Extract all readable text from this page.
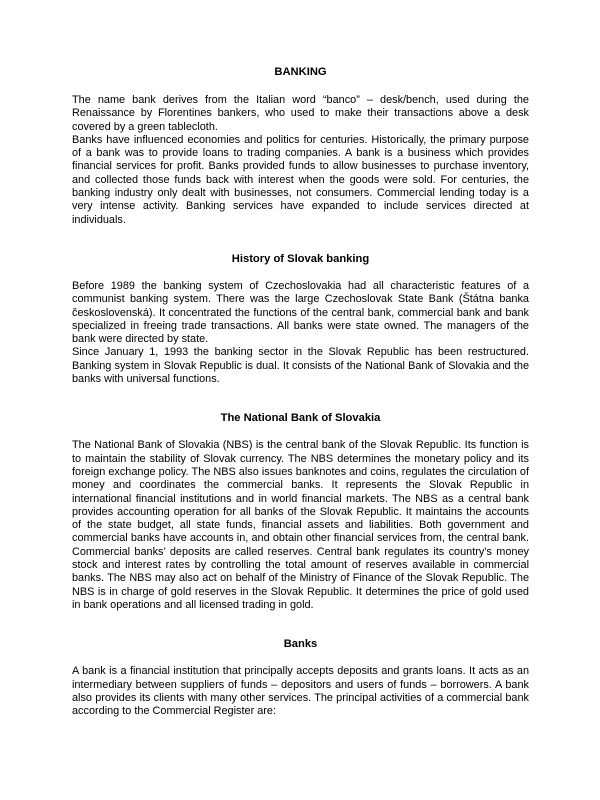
BANKING

The name bank derives from the Italian word “banco” – desk/bench, used during the Renaissance by Florentines bankers, who used to make their transactions above a desk covered by a green tablecloth.

Banks have influenced economies and politics for centuries. Historically, the primary purpose of a bank was to provide loans to trading companies. A bank is a business which provides financial services for profit. Banks provided funds to allow businesses to purchase inventory, and collected those funds back with interest when the goods were sold. For centuries, the banking industry only dealt with businesses, not consumers. Commercial lending today is a very intense activity. Banking services have expanded to include services directed at individuals.

History of Slovak banking

Before 1989 the banking system of Czechoslovakia had all characteristic features of a communist banking system. There was the large Czechoslovak State Bank (Štátna banka československá). It concentrated the functions of the central bank, commercial bank and bank specialized in freeing trade transactions. All banks were state owned. The managers of the bank were directed by state.

Since January 1, 1993 the banking sector in the Slovak Republic has been restructured. Banking system in Slovak Republic is dual. It consists of the National Bank of Slovakia and the banks with universal functions.

The National Bank of Slovakia

The National Bank of Slovakia (NBS) is the central bank of the Slovak Republic. Its function is to maintain the stability of Slovak currency. The NBS determines the monetary policy and its foreign exchange policy. The NBS also issues banknotes and coins, regulates the circulation of money and coordinates the commercial banks. It represents the Slovak Republic in international financial institutions and in world financial markets. The NBS as a central bank provides accounting operation for all banks of the Slovak Republic. It maintains the accounts of the state budget, all state funds, financial assets and liabilities. Both government and commercial banks have accounts in, and obtain other financial services from, the central bank. Commercial banks’ deposits are called reserves. Central bank regulates its country’s money stock and interest rates by controlling the total amount of reserves available in commercial banks. The NBS may also act on behalf of the Ministry of Finance of the Slovak Republic. The NBS is in charge of gold reserves in the Slovak Republic. It determines the price of gold used in bank operations and all licensed trading in gold.

Banks

A bank is a financial institution that principally accepts deposits and grants loans. It acts as an intermediary between suppliers of funds – depositors and users of funds – borrowers. A bank also provides its clients with many other services. The principal activities of a commercial bank according to the Commercial Register are:
